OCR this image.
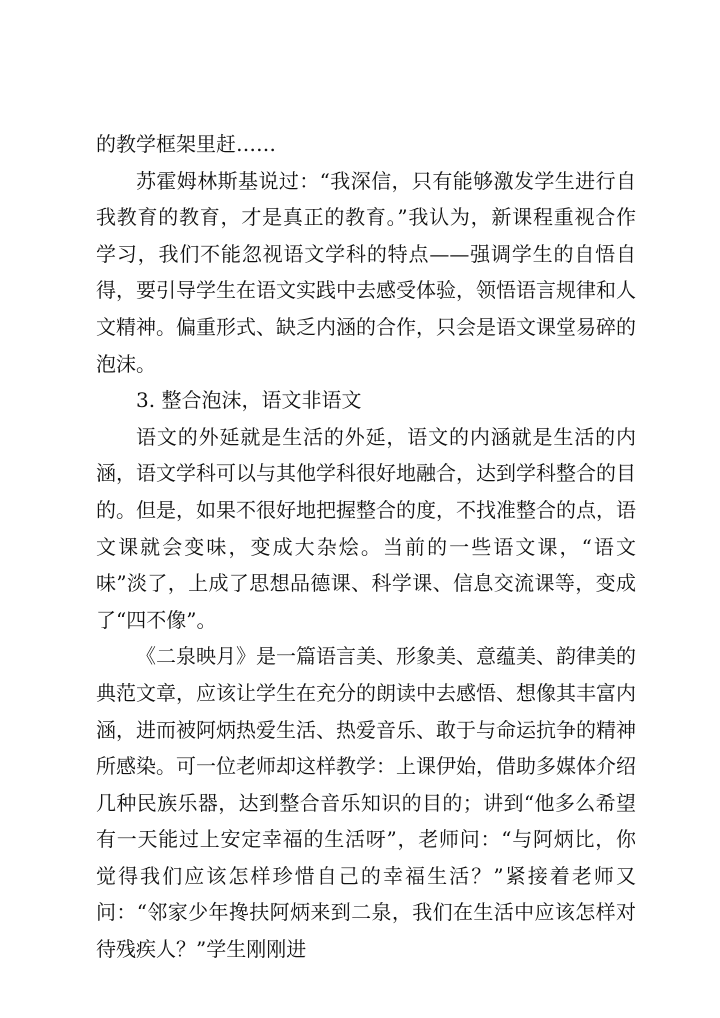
的教学框架里赶……

苏霍姆林斯基说过：“我深信，只有能够激发学生进行自我教育的教育，才是真正的教育。”我认为，新课程重视合作学习，我们不能忽视语文学科的特点——强调学生的自悟自得，要引导学生在语文实践中去感受体验，领悟语言规律和人文精神。偏重形式、缺乏内涵的合作，只会是语文课堂易碎的泡沫。

3. 整合泡沫，语文非语文

语文的外延就是生活的外延，语文的内涵就是生活的内涵，语文学科可以与其他学科很好地融合，达到学科整合的目的。但是，如果不很好地把握整合的度，不找准整合的点，语文课就会变味，变成大杂烩。当前的一些语文课，“语文味”淡了，上成了思想品德课、科学课、信息交流课等，变成了“四不像”。

《二泉映月》是一篇语言美、形象美、意蕴美、韵律美的典范文章，应该让学生在充分的朗读中去感悟、想像其丰富内涵，进而被阿炳热爱生活、热爱音乐、敢于与命运抗争的精神所感染。可一位老师却这样教学：上课伊始，借助多媒体介绍几种民族乐器，达到整合音乐知识的目的；讲到“他多么希望有一天能过上安定幸福的生活呀”，老师问：“与阿炳比，你觉得我们应该怎样珍惜自己的幸福生活？”紧接着老师又问：“邻家少年搀扶阿炳来到二泉，我们在生活中应该怎样对待残疾人？”学生刚刚进
